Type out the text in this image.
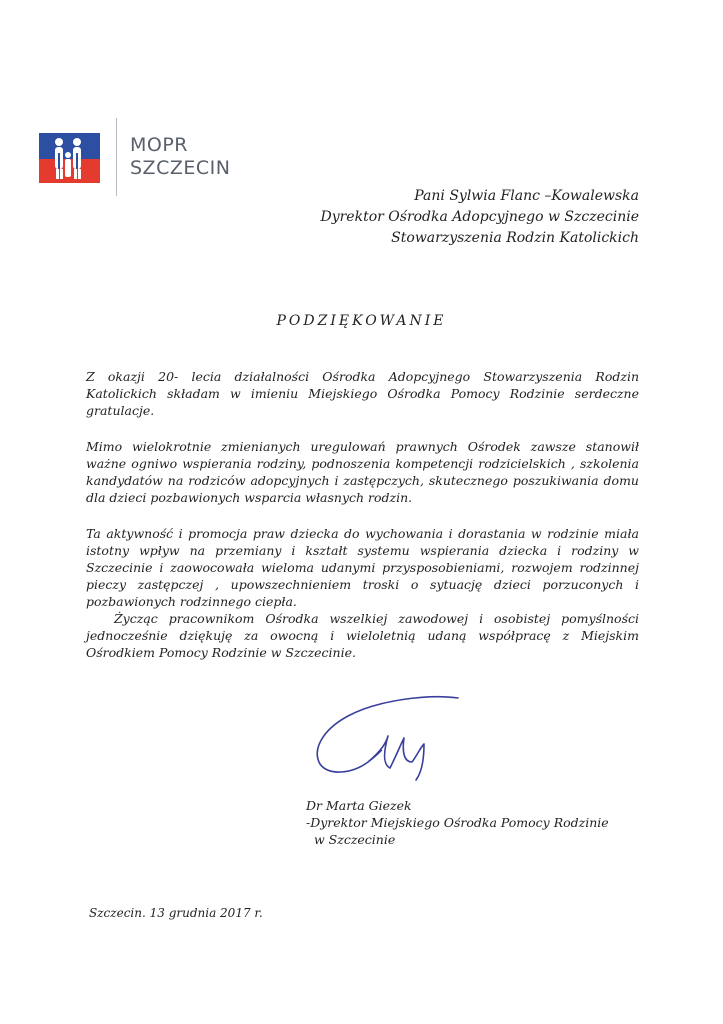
MOPR
SZCZECIN
Pani Sylwia Flanc –Kowalewska
Dyrektor Ośrodka Adopcyjnego w Szczecinie
Stowarzyszenia Rodzin Katolickich
PODZIĘKOWANIE

Z okazji 20- lecia działalności Ośrodka Adopcyjnego Stowarzyszenia Rodzin Katolickich składam w imieniu Miejskiego Ośrodka Pomocy Rodzinie serdeczne gratulacje.

Mimo wielokrotnie zmienianych uregulowań prawnych Ośrodek zawsze stanowił ważne ogniwo wspierania rodziny, podnoszenia kompetencji rodzicielskich , szkolenia kandydatów na rodziców adopcyjnych i zastępczych, skutecznego poszukiwania domu dla dzieci pozbawionych wsparcia własnych rodzin.

Ta aktywność i promocja praw dziecka do wychowania i dorastania w rodzinie miała istotny wpływ na przemiany i kształt systemu wspierania dziecka i rodziny w Szczecinie i zaowocowała wieloma udanymi przysposobieniami, rozwojem rodzinnej pieczy zastępczej , upowszechnieniem troski o sytuację dzieci porzuconych i pozbawionych rodzinnego ciepła.

Życząc pracownikom Ośrodka wszelkiej zawodowej i osobistej pomyślności jednocześnie dziękuję za owocną i wieloletnią udaną współpracę z Miejskim Ośrodkiem Pomocy Rodzinie w Szczecinie.

Dr Marta Giezek
-Dyrektor Miejskiego Ośrodka Pomocy Rodzinie
w Szczecinie
Szczecin. 13 grudnia 2017 r.
